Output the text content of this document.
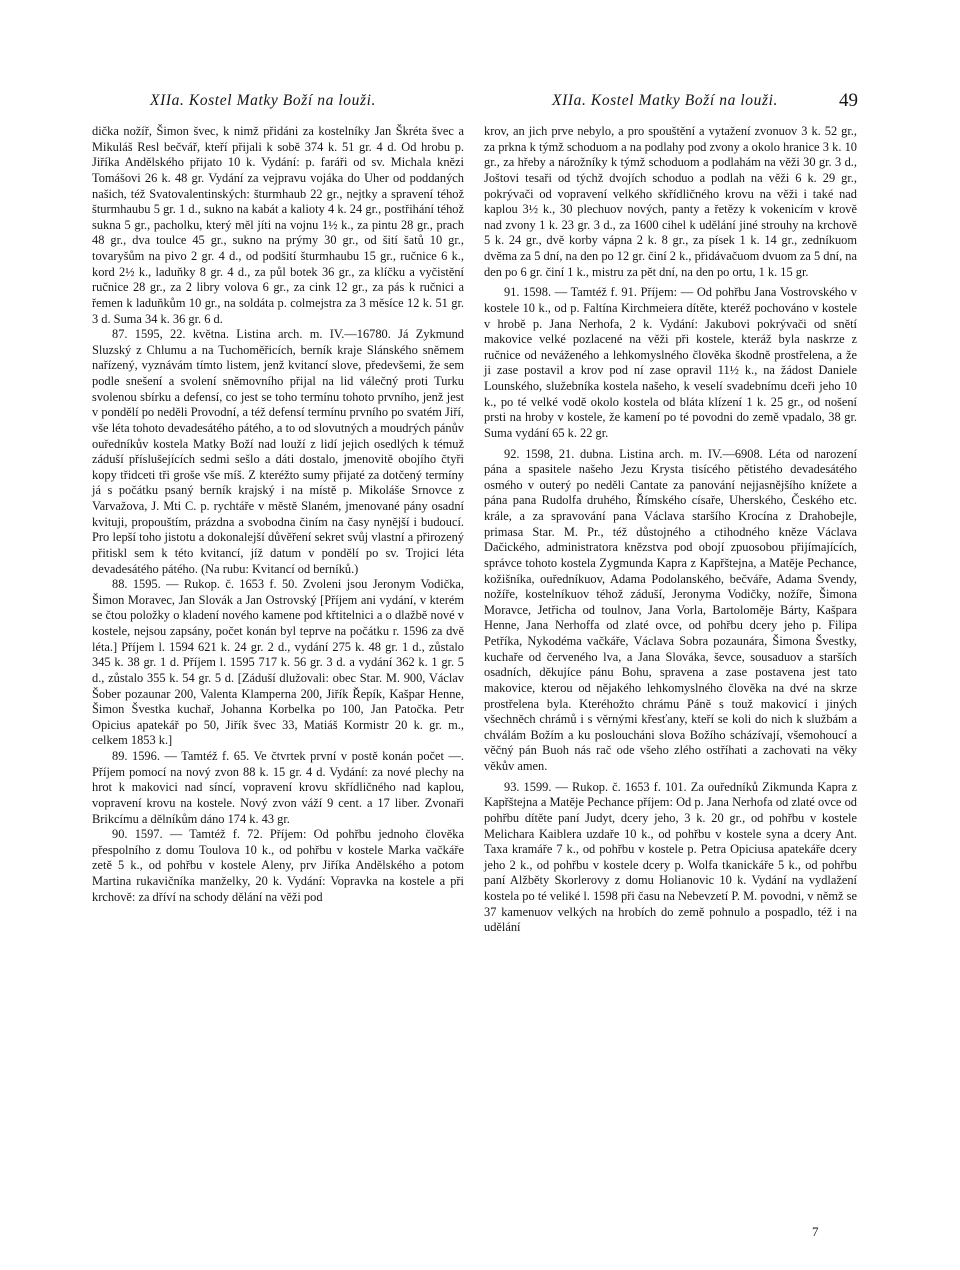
XIIa. Kostel Matky Boží na louži.	XIIa. Kostel Matky Boží na louži.	49

dička nožíř, Šimon švec, k nimž přidáni za kostelníky Jan Škréta švec a Mikuláš Resl bečvář, kteří přijali k sobě 374 k. 51 gr. 4 d. Od hrobu p. Jiříka Andělského přijato 10 k. Vydání: p. faráři od sv. Michala knězi Tomášovi 26 k. 48 gr. Vydání za vejpravu vojáka do Uher od poddaných našich, též Svatovalentinských: šturmhaub 22 gr., nejtky a spravení téhož šturmhaubu 5 gr. 1 d., sukno na kabát a kalioty 4 k. 24 gr., postřihání téhož sukna 5 gr., pacholku, který měl jíti na vojnu 1½ k., za pintu 28 gr., prach 48 gr., dva toulce 45 gr., sukno na prýmy 30 gr., od šití šatů 10 gr., tovaryšům na pivo 2 gr. 4 d., od podšití šturmhaubu 15 gr., ručnice 6 k., kord 2½ k., laduňky 8 gr. 4 d., za půl botek 36 gr., za klíčku a vyčistění ručnice 28 gr., za 2 libry volova 6 gr., za cink 12 gr., za pás k ručnici a řemen k laduňkům 10 gr., na soldáta p. colmejstra za 3 měsíce 12 k. 51 gr. 3 d. Suma 34 k. 36 gr. 6 d.

87. 1595, 22. května. Listina arch. m. IV.—16780. Já Zykmund Sluzský z Chlumu a na Tuchoměřicích, berník kraje Slánského sněmem nařízený, vyznávám tímto listem, jenž kvitancí slove, předevšemi, že sem podle snešení a svolení sněmovního přijal na lid válečný proti Turku svolenou sbírku a defensí, co jest se toho termínu tohoto prvního, jenž jest v pondělí po neděli Provodní, a též defensí termínu prvního po svatém Jiří, vše léta tohoto devadesátého pátého, a to od slovutných a moudrých pánův ouředníkův kostela Matky Boží nad louží z lidí jejich osedlých k témuž záduší příslušejících sedmi sešlo a dáti dostalo, jmenovitě obojího čtyři kopy třidceti tři groše vše míš. Z kteréžto sumy přijaté za dotčený termíny já s počátku psaný berník krajský i na místě p. Mikoláše Srnovce z Varvažova, J. Mti C. p. rychtáře v městě Slaném, jmenované pány osadní kvituji, propouštím, prázdna a svobodna činím na časy nynější i budoucí. Pro lepší toho jistotu a dokonalejší důvěření sekret svůj vlastní a přirozený přitiskl sem k této kvitancí, jíž datum v pondělí po sv. Trojici léta devadesátého pátého. (Na rubu: Kvitancí od berníků.)

88. 1595. — Rukop. č. 1653 f. 50. Zvoleni jsou Jeronym Vodička, Šimon Moravec, Jan Slovák a Jan Ostrovský [Příjem ani vydání, v kterém se čtou položky o kladení nového kamene pod křtitelnici a o dlažbě nové v kostele, nejsou zapsány, počet konán byl teprve na počátku r. 1596 za dvě léta.] Příjem l. 1594 621 k. 24 gr. 2 d., vydání 275 k. 48 gr. 1 d., zůstalo 345 k. 38 gr. 1 d. Příjem l. 1595 717 k. 56 gr. 3 d. a vydání 362 k. 1 gr. 5 d., zůstalo 355 k. 54 gr. 5 d. [Záduší dlužovali: obec Star. M. 900, Václav Šober pozaunar 200, Valenta Klamperna 200, Jiřík Řepík, Kašpar Henne, Šimon Švestka kuchař, Johanna Korbelka po 100, Jan Patočka. Petr Opicius apatekář po 50, Jiřík švec 33, Matiáš Kormistr 20 k. gr. m., celkem 1853 k.]

89. 1596. — Tamtéž f. 65. Ve čtvrtek první v postě konán počet —. Příjem pomocí na nový zvon 88 k. 15 gr. 4 d. Vydání: za nové plechy na hrot k makovici nad síncí, vopravení krovu skřídličného nad kaplou, vopravení krovu na kostele. Nový zvon váží 9 cent. a 17 liber. Zvonaři Brikcímu a dělníkům dáno 174 k. 43 gr.

90. 1597. — Tamtéž f. 72. Příjem: Od pohřbu jednoho člověka přespolního z domu Toulova 10 k., od pohřbu v kostele Marka vačkáře zetě 5 k., od pohřbu v kostele Aleny, prv Jiříka Andělského a potom Martina rukavičníka manželky, 20 k. Vydání: Vopravka na kostele a při krchově: za dříví na schody dělání na věži pod

krov, an jich prve nebylo, a pro spouštění a vytažení zvonuov 3 k. 52 gr., za prkna k týmž schoduom a na podlahy pod zvony a okolo hranice 3 k. 10 gr., za hřeby a nárožníky k týmž schoduom a podlahám na věži 30 gr. 3 d., Joštovi tesaři od týchž dvojích schoduo a podlah na věži 6 k. 29 gr., pokrývači od vopravení velkého skřídličného krovu na věži i také nad kaplou 3½ k., 30 plechuov nových, panty a řetězy k vokenicím v krově nad zvony 1 k. 23 gr. 3 d., za 1600 cihel k udělání jiné strouhy na krchově 5 k. 24 gr., dvě korby vápna 2 k. 8 gr., za písek 1 k. 14 gr., zedníkuom dvěma za 5 dní, na den po 12 gr. činí 2 k., přidávačuom dvuom za 5 dní, na den po 6 gr. činí 1 k., mistru za pět dní, na den po ortu, 1 k. 15 gr.

91. 1598. — Tamtéž f. 91. Příjem: — Od pohřbu Jana Vostrovského v kostele 10 k., od p. Faltína Kirchmeiera dítěte, kteréž pochováno v kostele v hrobě p. Jana Nerhofa, 2 k. Vydání: Jakubovi pokrývači od snětí makovice velké pozlacené na věži při kostele, kteráž byla naskrze z ručnice od neváženého a lehkomyslného člověka škodně prostřelena, a že ji zase postavil a krov pod ní zase opravil 11½ k., na žádost Daniele Lounského, služebníka kostela našeho, k veselí svadebnímu dceři jeho 10 k., po té velké vodě okolo kostela od bláta klízení 1 k. 25 gr., od nošení prsti na hroby v kostele, že kamení po té povodni do země vpadalo, 38 gr. Suma vydání 65 k. 22 gr.

92. 1598, 21. dubna. Listina arch. m. IV.—6908. Léta od narození pána a spasitele našeho Jezu Krysta tisícého pětistého devadesátého osmého v outerý po neděli Cantate za panování nejjasnějšího knížete a pána pana Rudolfa druhého, Římského císaře, Uherského, Českého etc. krále, a za spravování pana Václava staršího Krocína z Drahobejle, primasa Star. M. Pr., též důstojného a ctihodného kněze Václava Dačického, administratora knězstva pod obojí zpuosobou přijímajících, správce tohoto kostela Zygmunda Kapra z Kapřštejna, a Matěje Pechance, kožišníka, ouředníkuov, Adama Podolanského, bečváře, Adama Svendy, nožíře, kostelníkuov téhož záduší, Jeronyma Vodičky, nožíře, Šimona Moravce, Jetřicha od toulnov, Jana Vorla, Bartoloměje Bárty, Kašpara Henne, Jana Nerhoffa od zlaté ovce, od pohřbu dcery jeho p. Filipa Petříka, Nykodéma vačkáře, Václava Sobra pozaunára, Šimona Švestky, kuchaře od červeného lva, a Jana Slováka, ševce, sousaduov a starších osadních, děkujíce pánu Bohu, spravena a zase postavena jest tato makovice, kterou od nějakého lehkomyslného člověka na dvé na skrze prostřelena byla. Kteréhožto chrámu Páně s touž makovicí i jiných všechněch chrámů i s věrnými křesťany, kteří se koli do nich k službám a chválám Božím a ku posloucháni slova Božího scházívají, všemohoucí a věčný pán Buoh nás rač ode všeho zlého ostříhati a zachovati na věky věkův amen.

93. 1599. — Rukop. č. 1653 f. 101. Za ouředníků Zikmunda Kapra z Kapřštejna a Matěje Pechance příjem: Od p. Jana Nerhofa od zlaté ovce od pohřbu dítěte paní Judyt, dcery jeho, 3 k. 20 gr., od pohřbu v kostele Melichara Kaiblera uzdaře 10 k., od pohřbu v kostele syna a dcery Ant. Taxa kramáře 7 k., od pohřbu v kostele p. Petra Opiciusa apatekáře dcery jeho 2 k., od pohřbu v kostele dcery p. Wolfa tkanickáře 5 k., od pohřbu paní Alžběty Skorlerovy z domu Holianovic 10 k. Vydání na vydlažení kostela po té veliké l. 1598 při času na Nebevzetí P. M. povodni, v němž se 37 kamenuov velkých na hrobích do země pohnulo a pospadlo, též i na udělání

7
